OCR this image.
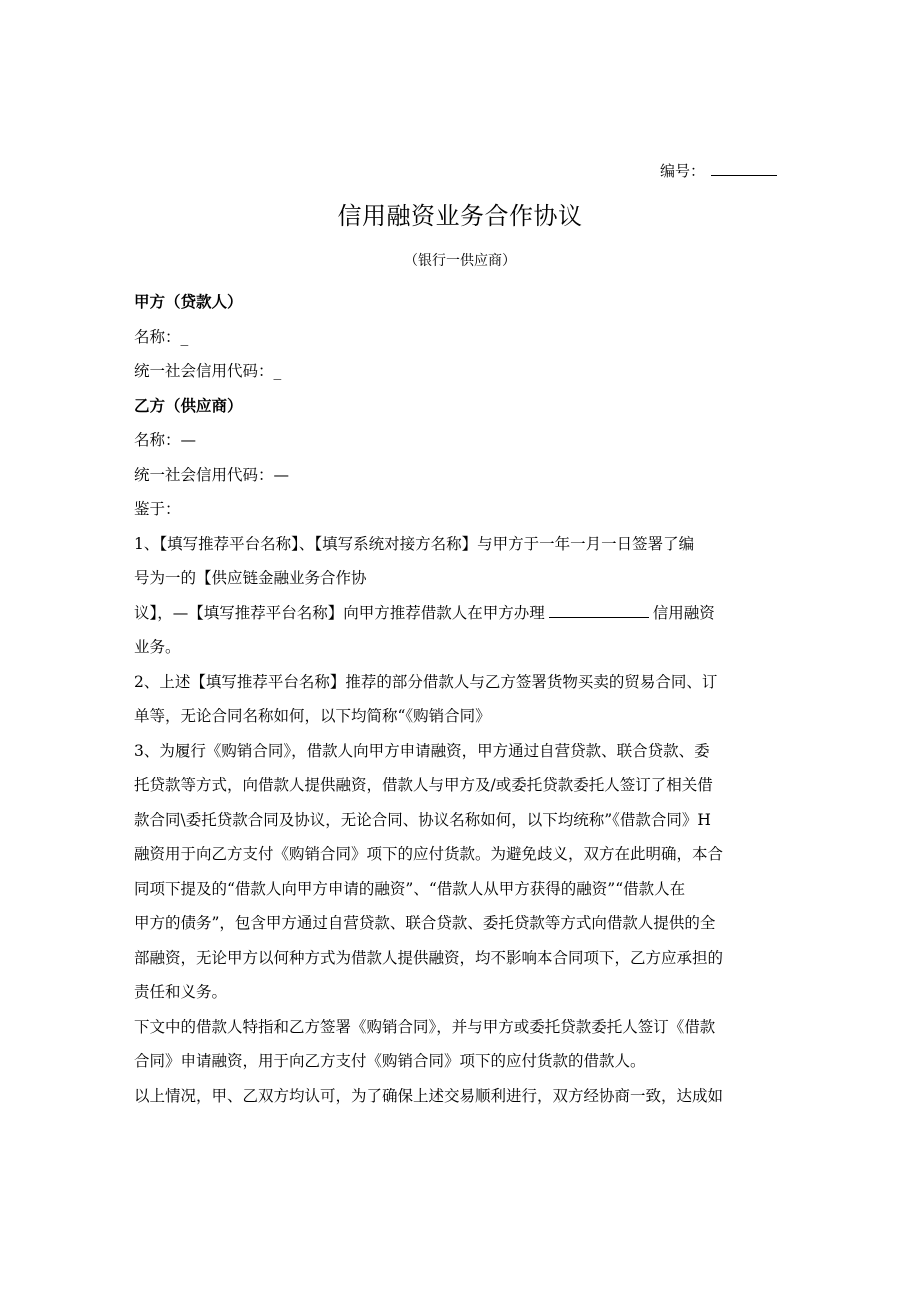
编号：
信用融资业务合作协议
（银行一供应商）
甲方（贷款人）
名称：_
统一社会信用代码：_
乙方（供应商）
名称：—
统一社会信用代码：—
鉴于：
1、【填写推荐平台名称】、【填写系统对接方名称】与甲方于一年一月一日签署了编
号为一的【供应链金融业务合作协
议】，—【填写推荐平台名称】向甲方推荐借款人在甲方办理	信用融资
业务。
2、上述【填写推荐平台名称】推荐的部分借款人与乙方签署货物买卖的贸易合同、订
单等，无论合同名称如何，以下均简称“《购销合同》
3、为履行《购销合同》，借款人向甲方申请融资，甲方通过自营贷款、联合贷款、委
托贷款等方式，向借款人提供融资，借款人与甲方及/或委托贷款委托人签订了相关借
款合同\委托贷款合同及协议，无论合同、协议名称如何，以下均统称”《借款合同》H
融资用于向乙方支付《购销合同》项下的应付货款。为避免歧义，双方在此明确，本合
同项下提及的“借款人向甲方申请的融资”、“借款人从甲方获得的融资”“借款人在
甲方的债务”，包含甲方通过自营贷款、联合贷款、委托贷款等方式向借款人提供的全
部融资，无论甲方以何种方式为借款人提供融资，均不影响本合同项下，乙方应承担的
责任和义务。
下文中的借款人特指和乙方签署《购销合同》，并与甲方或委托贷款委托人签订《借款
合同》申请融资，用于向乙方支付《购销合同》项下的应付货款的借款人。
以上情况，甲、乙双方均认可，为了确保上述交易顺利进行，双方经协商一致，达成如
